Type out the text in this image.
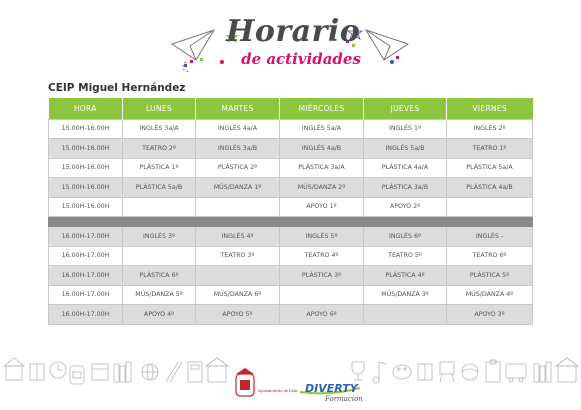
Horario
de actividades
CEIP Miguel Hernández
HORA	LUNES	MARTES	MIÉRCOLES	JUEVES	VIERNES
15.00H-16.00H	INGLÉS 3a/A	INGLÉS 4a/A	INGLÉS 5a/A	INGLÉS 1º	INGLÉS 2º
15.00H-16.00H	TEATRO 2º	INGLÉS 3a/B	INGLÉS 4a/B	INGLÉS 5a/B	TEATRO 1º
15.00H-16.00H	PLÁSTICA 1º	PLÁSTICA 2º	PLÁSTICA 3a/A	PLÁSTICA 4a/A	PLÁSTICA 5a/A
15.00H-16.00H	PLÁSTICA 5a/B	MÚS/DANZA 1º	MÚS/DANZA 2º	PLÁSTICA 3a/B	PLÁSTICA 4a/B
15.00H-16.00H			APOYO 1º	APOYO 2º	

16.00H-17.00H	INGLÉS 3º	INGLÉS 4º	INGLÉS 5º	INGLÉS 6º	INGLÉS -
16.00H-17.00H		TEATRO 3º	TEATRO 4º	TEATRO 5º	TEATRO 6º
16.00H-17.00H	PLÁSTICA 6º		PLÁSTICA 3º	PLÁSTICA 4º	PLÁSTICA 5º
16.00H-17.00H	MÚS/DANZA 5º	MÚS/DANZA 6º		MÚS/DANZA 3º	MÚS/DANZA 4º
16.00H-17.00H	APOYO 4º	APOYO 5º	APOYO 6º		APOYO 3º
Ayuntamiento de Elda DIVERTY
Formación
